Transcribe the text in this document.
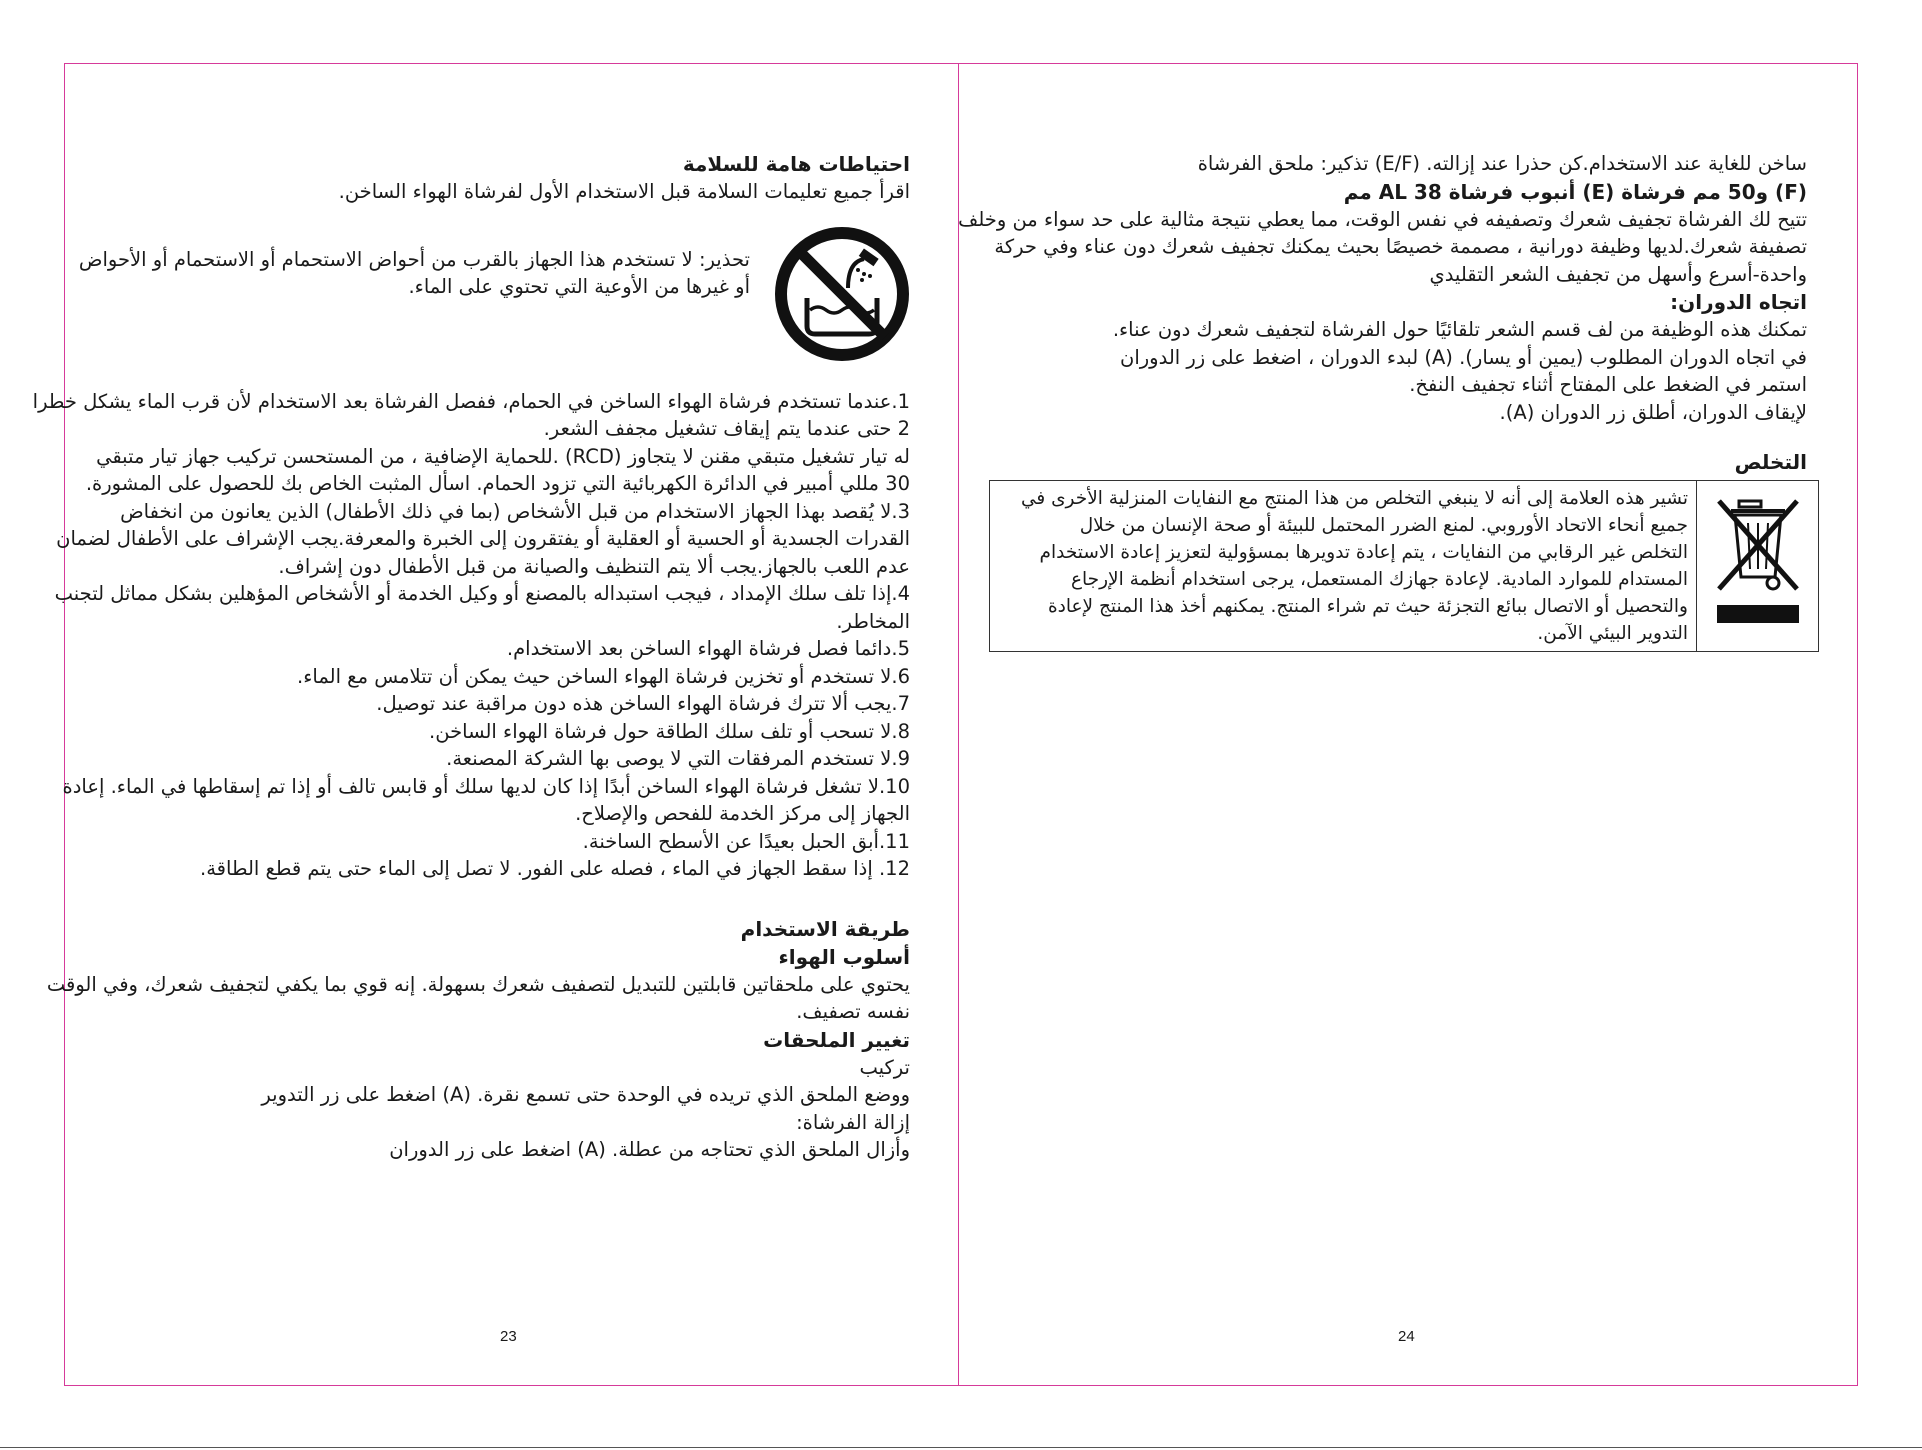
احتياطات هامة للسلامة
اقرأ جميع تعليمات السلامة قبل الاستخدام الأول لفرشاة الهواء الساخن.
تحذير: لا تستخدم هذا الجهاز بالقرب من أحواض الاستحمام أو الاستحمام أو الأحواض
أو غيرها من الأوعية التي تحتوي على الماء.
1.عندما تستخدم فرشاة الهواء الساخن في الحمام، ففصل الفرشاة بعد الاستخدام لأن قرب الماء يشكل خطرا
2 حتى عندما يتم إيقاف تشغيل مجفف الشعر.
له تيار تشغيل متبقي مقنن لا يتجاوز (RCD) .للحماية الإضافية ، من المستحسن تركيب جهاز تيار متبقي
30 مللي أمبير في الدائرة الكهربائية التي تزود الحمام. اسأل المثبت الخاص بك للحصول على المشورة.
3.لا يُقصد بهذا الجهاز الاستخدام من قبل الأشخاص (بما في ذلك الأطفال) الذين يعانون من انخفاض
القدرات الجسدية أو الحسية أو العقلية أو يفتقرون إلى الخبرة والمعرفة.يجب الإشراف على الأطفال لضمان
عدم اللعب بالجهاز.يجب ألا يتم التنظيف والصيانة من قبل الأطفال دون إشراف.
4.إذا تلف سلك الإمداد ، فيجب استبداله بالمصنع أو وكيل الخدمة أو الأشخاص المؤهلين بشكل مماثل لتجنب
المخاطر.
5.دائما فصل فرشاة الهواء الساخن بعد الاستخدام.
6.لا تستخدم أو تخزين فرشاة الهواء الساخن حيث يمكن أن تتلامس مع الماء.
7.يجب ألا تترك فرشاة الهواء الساخن هذه دون مراقبة عند توصيل.
8.لا تسحب أو تلف سلك الطاقة حول فرشاة الهواء الساخن.
9.لا تستخدم المرفقات التي لا يوصى بها الشركة المصنعة.
10.لا تشغل فرشاة الهواء الساخن أبدًا إذا كان لديها سلك أو قابس تالف أو إذا تم إسقاطها في الماء. إعادة
الجهاز إلى مركز الخدمة للفحص والإصلاح.
11.أبق الحبل بعيدًا عن الأسطح الساخنة.
12. إذا سقط الجهاز في الماء ، فصله على الفور. لا تصل إلى الماء حتى يتم قطع الطاقة.
طريقة الاستخدام
أسلوب الهواء
يحتوي على ملحقاتين قابلتين للتبديل لتصفيف شعرك بسهولة. إنه قوي بما يكفي لتجفيف شعرك، وفي الوقت
نفسه تصفيف.
تغيير الملحقات
تركيب
ووضع الملحق الذي تريده في الوحدة حتى تسمع نقرة. (A) اضغط على زر التدوير
إزالة الفرشاة:
وأزال الملحق الذي تحتاجه من عطلة. (A) اضغط على زر الدوران
23
ساخن للغاية عند الاستخدام.كن حذرا عند إزالته. (E/F) تذكير: ملحق الفرشاة
(F) و50 مم فرشاة (E) أنبوب فرشاة AL 38 مم
تتيح لك الفرشاة تجفيف شعرك وتصفيفه في نفس الوقت، مما يعطي نتيجة مثالية على حد سواء من وخلف
تصفيفة شعرك.لديها وظيفة دورانية ، مصممة خصيصًا بحيث يمكنك تجفيف شعرك دون عناء وفي حركة
واحدة-أسرع وأسهل من تجفيف الشعر التقليدي
اتجاه الدوران:
تمكنك هذه الوظيفة من لف قسم الشعر تلقائيًا حول الفرشاة لتجفيف شعرك دون عناء.
في اتجاه الدوران المطلوب (يمين أو يسار). (A) لبدء الدوران ، اضغط على زر الدوران
استمر في الضغط على المفتاح أثناء تجفيف النفخ.
لإيقاف الدوران، أطلق زر الدوران (A).
التخلص
تشير هذه العلامة إلى أنه لا ينبغي التخلص من هذا المنتج مع النفايات المنزلية الأخرى في
جميع أنحاء الاتحاد الأوروبي. لمنع الضرر المحتمل للبيئة أو صحة الإنسان من خلال
التخلص غير الرقابي من النفايات ، يتم إعادة تدويرها بمسؤولية لتعزيز إعادة الاستخدام
المستدام للموارد المادية. لإعادة جهازك المستعمل، يرجى استخدام أنظمة الإرجاع
والتحصيل أو الاتصال ببائع التجزئة حيث تم شراء المنتج. يمكنهم أخذ هذا المنتج لإعادة
التدوير البيئي الآمن.
24
